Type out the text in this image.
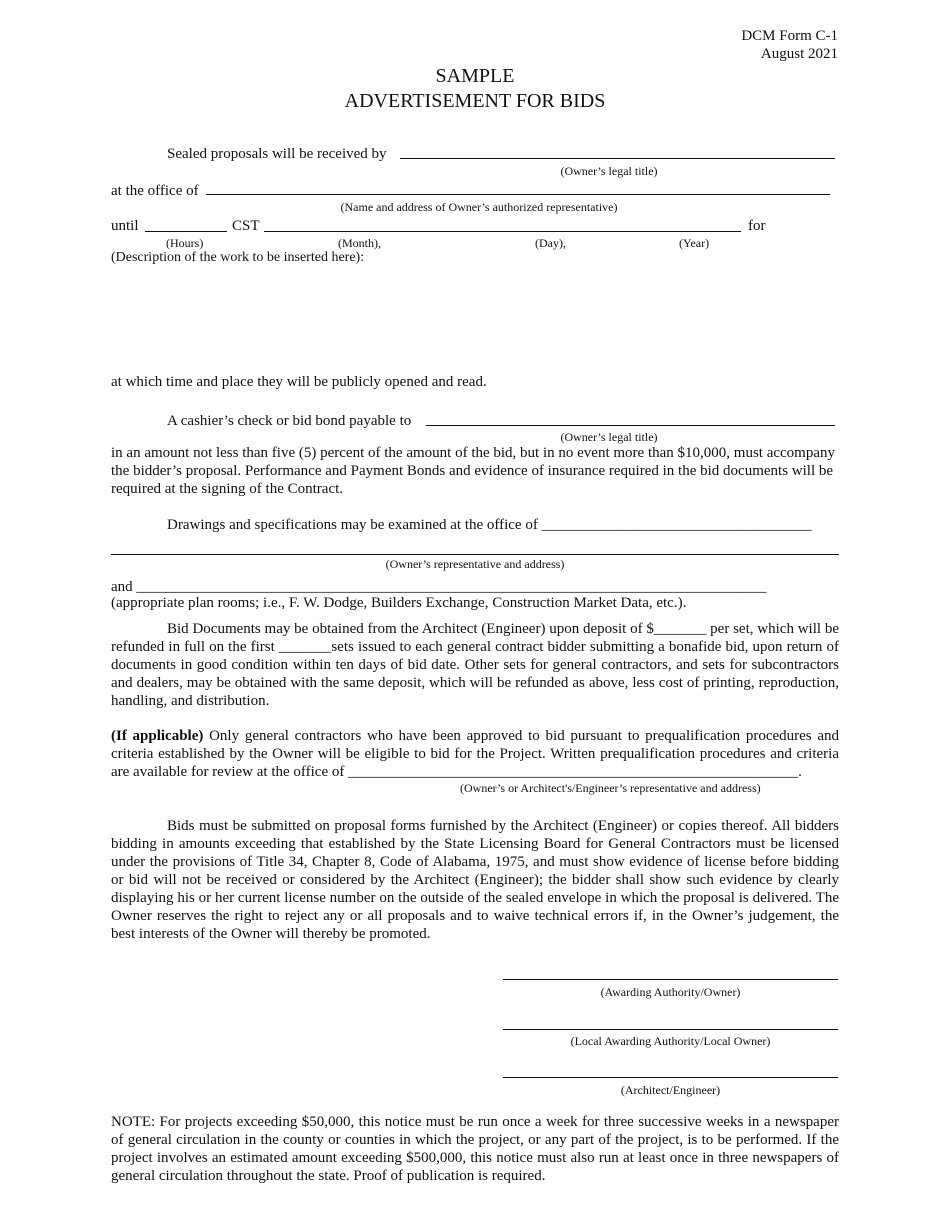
DCM Form C-1
August 2021
SAMPLE
ADVERTISEMENT FOR BIDS
Sealed proposals will be received by
(Owner’s legal title)
at the office of
(Name and address of Owner’s authorized representative)
until	CST	for
(Hours)	(Month),	(Day),	(Year)
(Description of the work to be inserted here):
at which time and place they will be publicly opened and read.
A cashier’s check or bid bond payable to
(Owner’s legal title)
in an amount not less than five (5) percent of the amount of the bid, but in no event more than $10,000, must accompany the bidder’s proposal. Performance and Payment Bonds and evidence of insurance required in the bid documents will be required at the signing of the Contract.
Drawings and specifications may be examined at the office of ____________________________________
(Owner’s representative and address)
and ____________________________________________________________________________________
(appropriate plan rooms; i.e., F. W. Dodge, Builders Exchange, Construction Market Data, etc.).
Bid Documents may be obtained from the Architect (Engineer) upon deposit of $_______ per set, which will be refunded in full on the first _______sets issued to each general contract bidder submitting a bonafide bid, upon return of documents in good condition within ten days of bid date. Other sets for general contractors, and sets for subcontractors and dealers, may be obtained with the same deposit, which will be refunded as above, less cost of printing, reproduction, handling, and distribution.
(If applicable) Only general contractors who have been approved to bid pursuant to prequalification procedures and criteria established by the Owner will be eligible to bid for the Project. Written prequalification procedures and criteria are available for review at the office of ____________________________________________________________.
(Owner’s or Architect's/Engineer’s representative and address)
Bids must be submitted on proposal forms furnished by the Architect (Engineer) or copies thereof. All bidders bidding in amounts exceeding that established by the State Licensing Board for General Contractors must be licensed under the provisions of Title 34, Chapter 8, Code of Alabama, 1975, and must show evidence of license before bidding or bid will not be received or considered by the Architect (Engineer); the bidder shall show such evidence by clearly displaying his or her current license number on the outside of the sealed envelope in which the proposal is delivered. The Owner reserves the right to reject any or all proposals and to waive technical errors if, in the Owner’s judgement, the best interests of the Owner will thereby be promoted.
(Awarding Authority/Owner)
(Local Awarding Authority/Local Owner)
(Architect/Engineer)
NOTE: For projects exceeding $50,000, this notice must be run once a week for three successive weeks in a newspaper of general circulation in the county or counties in which the project, or any part of the project, is to be performed. If the project involves an estimated amount exceeding $500,000, this notice must also run at least once in three newspapers of general circulation throughout the state. Proof of publication is required.
